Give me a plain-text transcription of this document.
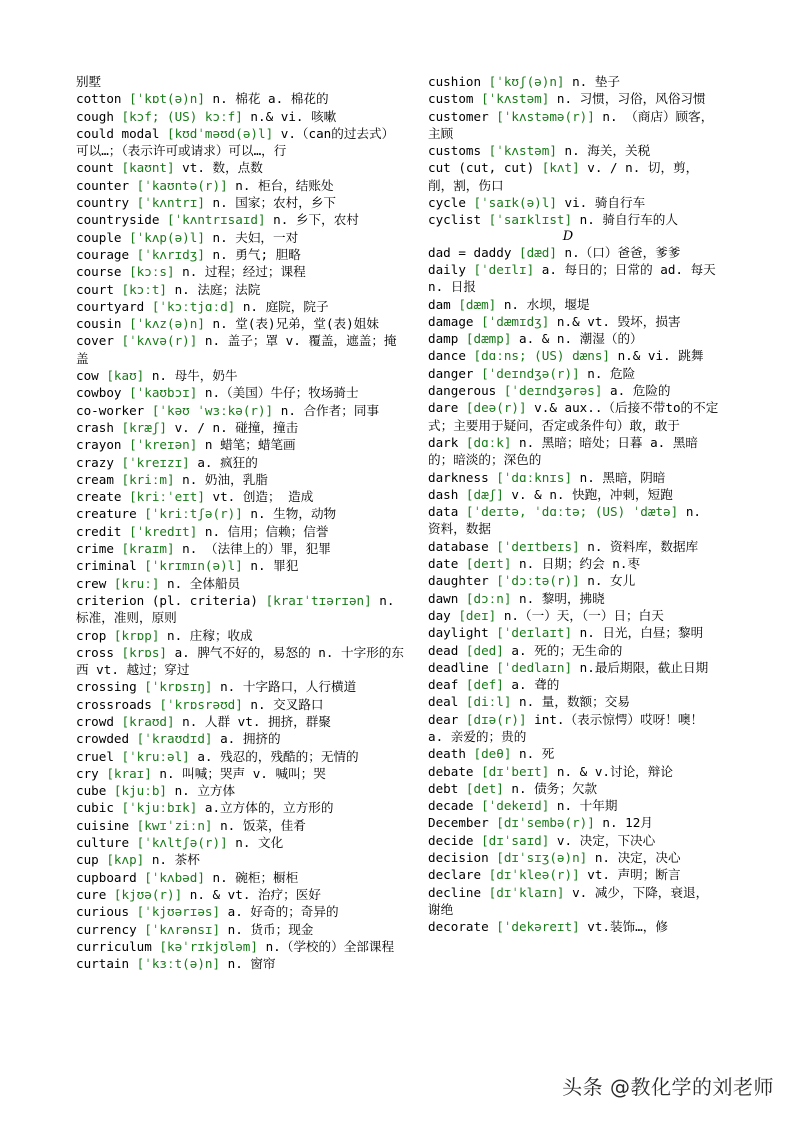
别墅
cotton [ˈkɒt(ə)n] n. 棉花 a. 棉花的
cough [kɔf; (US) kɔːf] n.& vi. 咳嗽
could modal [kʊdˈməʊd(ə)l] v.（can的过去式）可以…；（表示许可或请求）可以…，行
count [kaʊnt] vt. 数，点数
counter [ˈkaʊntə(r)] n. 柜台，结账处
country [ˈkʌntrɪ] n. 国家；农村，乡下
countryside [ˈkʌntrɪsaɪd] n. 乡下，农村
couple [ˈkʌp(ə)l] n. 夫妇，一对
courage [ˈkʌrɪdʒ] n. 勇气; 胆略
course [kɔːs] n. 过程；经过；课程
court [kɔːt] n. 法庭；法院
courtyard [ˈkɔːtjɑːd] n. 庭院，院子
cousin [ˈkʌz(ə)n] n. 堂(表)兄弟，堂(表)姐妹
cover [ˈkʌvə(r)] n. 盖子；罩 v. 覆盖，遮盖；掩盖
cow [kaʊ] n. 母牛，奶牛
cowboy [ˈkaʊbɔɪ] n.（美国）牛仔；牧场骑士
co-worker [ˈkəʊ ˈwɜːkə(r)] n. 合作者；同事
crash [kræʃ] v. / n. 碰撞，撞击
crayon [ˈkreɪən] n 蜡笔；蜡笔画
crazy [ˈkreɪzɪ] a. 疯狂的
cream [kriːm] n. 奶油，乳脂
create [kriːˈeɪt] vt. 创造； 造成
creature [ˈkriːtʃə(r)] n. 生物，动物
credit [ˈkredɪt] n. 信用；信赖；信誉
crime [kraɪm] n. （法律上的）罪，犯罪
criminal [ˈkrɪmɪn(ə)l] n. 罪犯
crew [kruː] n. 全体船员
criterion (pl. criteria) [kraɪˈtɪərɪən] n. 标准，准则，原则
crop [krɒp] n. 庄稼；收成
cross [krɒs] a. 脾气不好的，易怒的 n. 十字形的东西 vt. 越过；穿过
crossing [ˈkrɒsɪŋ] n. 十字路口，人行横道
crossroads [ˈkrɒsrəʊd] n. 交叉路口
crowd [kraʊd] n. 人群 vt. 拥挤，群聚
crowded [ˈkraʊdɪd] a. 拥挤的
cruel [ˈkruːəl] a. 残忍的，残酷的；无情的
cry [kraɪ] n. 叫喊；哭声 v. 喊叫；哭
cube [kjuːb] n. 立方体
cubic [ˈkjuːbɪk] a.立方体的，立方形的
cuisine [kwɪˈziːn] n. 饭菜，佳肴
culture [ˈkʌltʃə(r)] n. 文化
cup [kʌp] n. 茶杯
cupboard [ˈkʌbəd] n. 碗柜；橱柜
cure [kjʊə(r)] n. & vt. 治疗；医好
curious [ˈkjʊərɪəs] a. 好奇的；奇异的
currency [ˈkʌrənsɪ] n. 货币；现金
curriculum [kəˈrɪkjʊləm] n.（学校的）全部课程
curtain [ˈkɜːt(ə)n] n. 窗帘
cushion [ˈkʊʃ(ə)n] n. 垫子
custom [ˈkʌstəm] n. 习惯，习俗，风俗习惯
customer [ˈkʌstəmə(r)] n. （商店）顾客，主顾
customs [ˈkʌstəm] n. 海关，关税
cut (cut, cut) [kʌt] v. / n. 切，剪，削，割，伤口
cycle [ˈsaɪk(ə)l] vi. 骑自行车
cyclist [ˈsaɪklɪst] n. 骑自行车的人
D
dad = daddy [dæd] n.（口）爸爸，爹爹
daily [ˈdeɪlɪ] a. 每日的；日常的 ad. 每天 n. 日报
dam [dæm] n. 水坝，堰堤
damage [ˈdæmɪdʒ] n.& vt. 毁坏，损害
damp [dæmp] a. & n. 潮湿（的）
dance [dɑːns; (US) dæns] n.& vi. 跳舞
danger [ˈdeɪndʒə(r)] n. 危险
dangerous [ˈdeɪndʒərəs] a. 危险的
dare [deə(r)] v.& aux..（后接不带to的不定式；主要用于疑问，否定或条件句）敢，敢于
dark [dɑːk] n. 黑暗；暗处；日暮 a. 黑暗的；暗淡的；深色的
darkness [ˈdɑːknɪs] n. 黑暗，阴暗
dash [dæʃ] v. & n. 快跑，冲刺，短跑
data [ˈdeɪtə, ˈdɑːtə; (US) ˈdætə] n. 资料，数据
database [ˈdeɪtbeɪs] n. 资料库，数据库
date [deɪt] n. 日期；约会 n.枣
daughter [ˈdɔːtə(r)] n. 女儿
dawn [dɔːn] n. 黎明，拂晓
day [deɪ] n.（一）天，（一）日；白天
daylight [ˈdeɪlaɪt] n. 日光，白昼；黎明
dead [ded] a. 死的；无生命的
deadline [ˈdedlaɪn] n.最后期限，截止日期
deaf [def] a. 聋的
deal [diːl] n. 量，数额；交易
dear [dɪə(r)] int.（表示惊愕）哎呀！噢！ a. 亲爱的；贵的
death [deθ] n. 死
debate [dɪˈbeɪt] n. & v.讨论，辩论
debt [det] n. 债务；欠款
decade [ˈdekeɪd] n. 十年期
December [dɪˈsembə(r)] n. 12月
decide [dɪˈsaɪd] v. 决定，下决心
decision [dɪˈsɪʒ(ə)n] n. 决定，决心
declare [dɪˈkleə(r)] vt. 声明；断言
decline [dɪˈklaɪn] v. 减少，下降，衰退，谢绝
decorate [ˈdekəreɪt] vt.装饰…，修
头条 @教化学的刘老师
